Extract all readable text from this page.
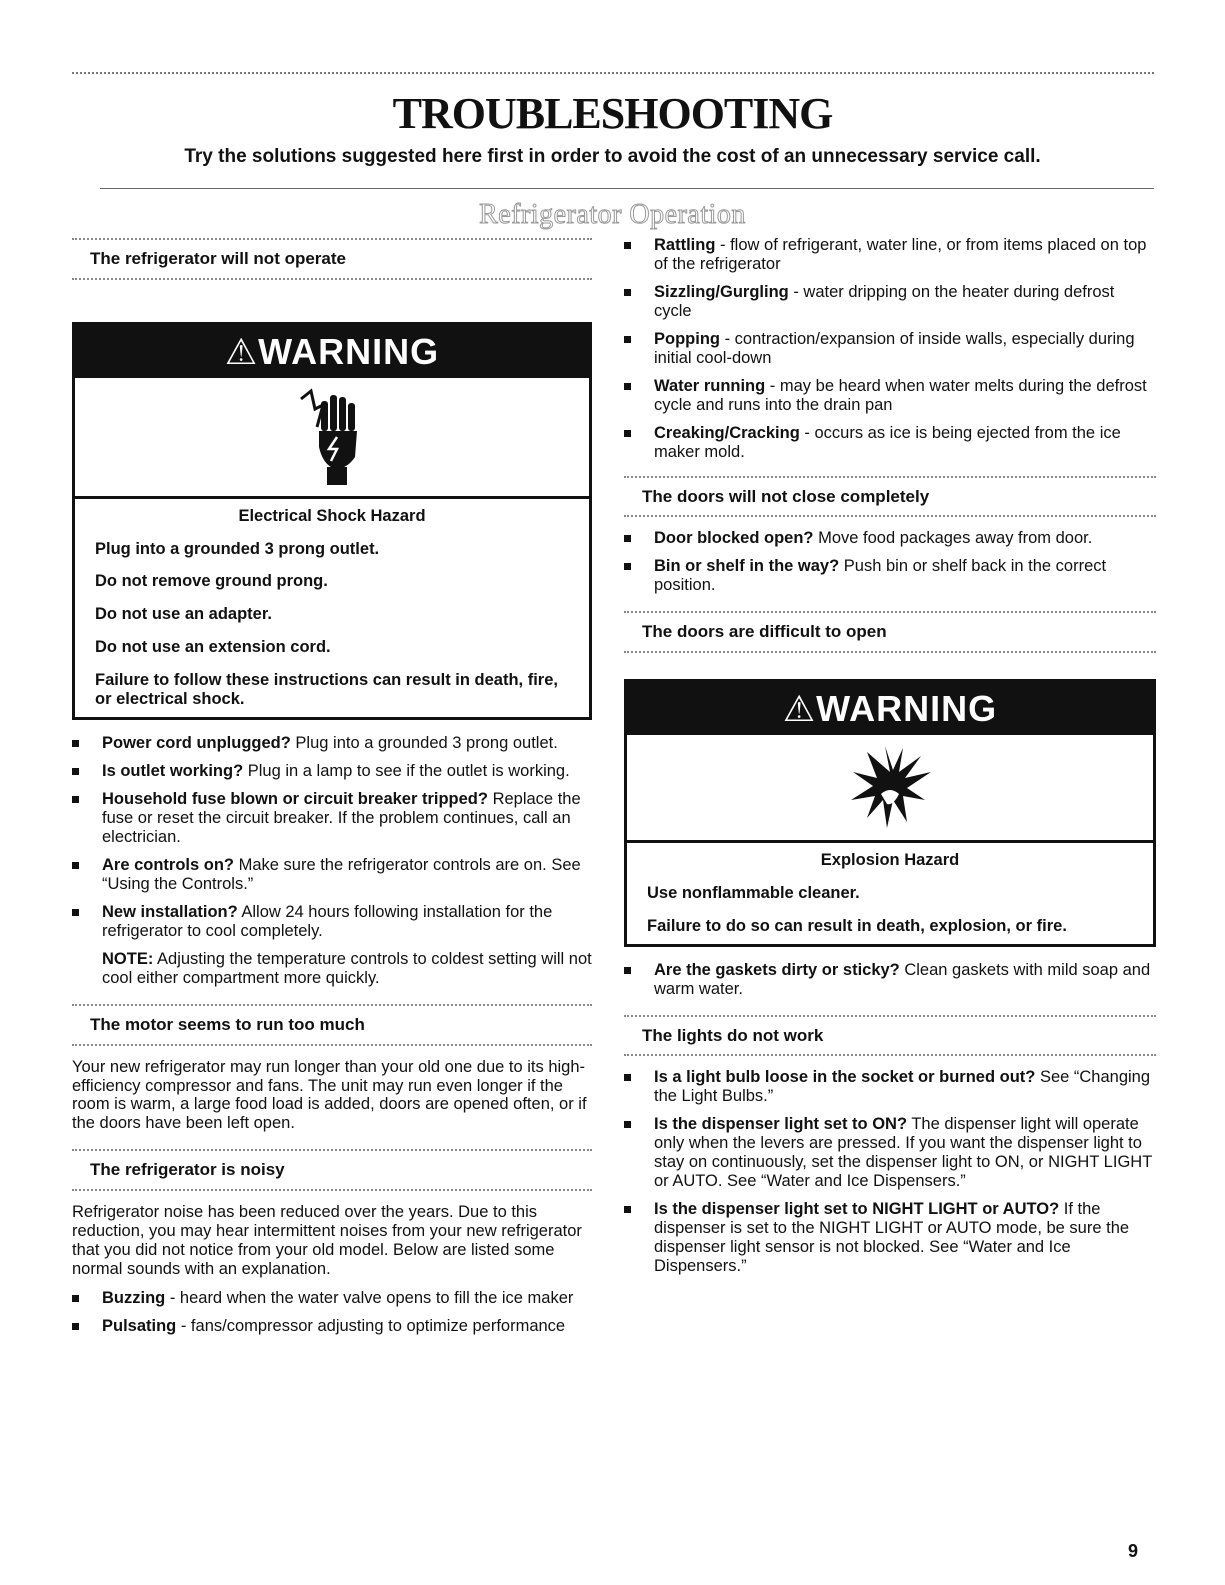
TROUBLESHOOTING
Try the solutions suggested here first in order to avoid the cost of an unnecessary service call.
Refrigerator Operation
The refrigerator will not operate
⚠WARNING

Electrical Shock Hazard

Plug into a grounded 3 prong outlet.

Do not remove ground prong.

Do not use an adapter.

Do not use an extension cord.

Failure to follow these instructions can result in death, fire, or electrical shock.

Power cord unplugged? Plug into a grounded 3 prong outlet.
Is outlet working? Plug in a lamp to see if the outlet is working.
Household fuse blown or circuit breaker tripped? Replace the fuse or reset the circuit breaker. If the problem continues, call an electrician.
Are controls on? Make sure the refrigerator controls are on. See “Using the Controls.”
New installation? Allow 24 hours following installation for the refrigerator to cool completely.

NOTE: Adjusting the temperature controls to coldest setting will not cool either compartment more quickly.

The motor seems to run too much

Your new refrigerator may run longer than your old one due to its high-efficiency compressor and fans. The unit may run even longer if the room is warm, a large food load is added, doors are opened often, or if the doors have been left open.

The refrigerator is noisy

Refrigerator noise has been reduced over the years. Due to this reduction, you may hear intermittent noises from your new refrigerator that you did not notice from your old model. Below are listed some normal sounds with an explanation.

Buzzing - heard when the water valve opens to fill the ice maker
Pulsating - fans/compressor adjusting to optimize performance
Rattling - flow of refrigerant, water line, or from items placed on top of the refrigerator
Sizzling/Gurgling - water dripping on the heater during defrost cycle
Popping - contraction/expansion of inside walls, especially during initial cool-down
Water running - may be heard when water melts during the defrost cycle and runs into the drain pan
Creaking/Cracking - occurs as ice is being ejected from the ice maker mold.
The doors will not close completely
Door blocked open? Move food packages away from door.
Bin or shelf in the way? Push bin or shelf back in the correct position.
The doors are difficult to open
⚠WARNING

Explosion Hazard

Use nonflammable cleaner.

Failure to do so can result in death, explosion, or fire.

Are the gaskets dirty or sticky? Clean gaskets with mild soap and warm water.
The lights do not work
Is a light bulb loose in the socket or burned out? See “Changing the Light Bulbs.”
Is the dispenser light set to ON? The dispenser light will operate only when the levers are pressed. If you want the dispenser light to stay on continuously, set the dispenser light to ON, or NIGHT LIGHT or AUTO. See “Water and Ice Dispensers.”
Is the dispenser light set to NIGHT LIGHT or AUTO? If the dispenser is set to the NIGHT LIGHT or AUTO mode, be sure the dispenser light sensor is not blocked. See “Water and Ice Dispensers.”
9
